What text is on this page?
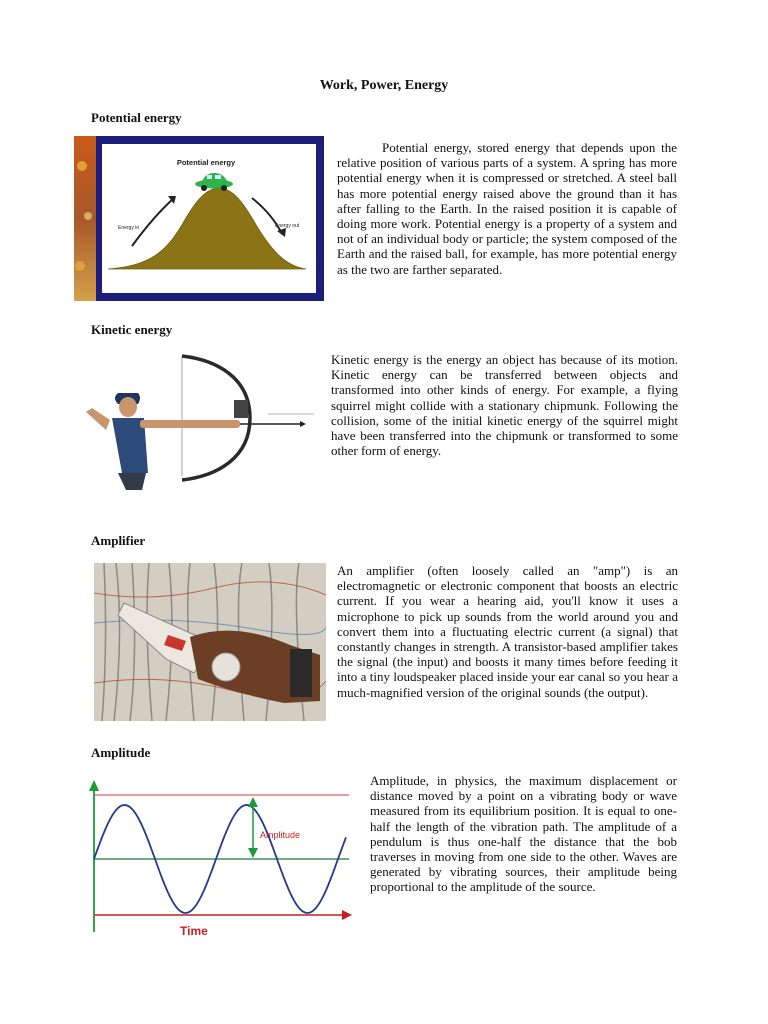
Work, Power, Energy
Potential energy
Potential energy
Energy in	Energy out

Potential energy, stored energy that depends upon the relative position of various parts of a system. A spring has more potential energy when it is compressed or stretched. A steel ball has more potential energy raised above the ground than it has after falling to the Earth. In the raised position it is capable of doing more work. Potential energy is a property of a system and not of an individual body or particle; the system composed of the Earth and the raised ball, for example, has more potential energy as the two are farther separated.

Kinetic energy

Kinetic energy is the energy an object has because of its motion. Kinetic energy can be transferred between objects and transformed into other kinds of energy. For example, a flying squirrel might collide with a stationary chipmunk. Following the collision, some of the initial kinetic energy of the squirrel might have been transferred into the chipmunk or transformed to some other form of energy.

Amplifier

An amplifier (often loosely called an "amp") is an electromagnetic or electronic component that boosts an electric current. If you wear a hearing aid, you'll know it uses a microphone to pick up sounds from the world around you and convert them into a fluctuating electric current (a signal) that constantly changes in strength. A transistor-based amplifier takes the signal (the input) and boosts it many times before feeding it into a tiny loudspeaker placed inside your ear canal so you hear a much-magnified version of the original sounds (the output).

Amplitude
Amplitude
Time

Amplitude, in physics, the maximum displacement or distance moved by a point on a vibrating body or wave measured from its equilibrium position. It is equal to one-half the length of the vibration path. The amplitude of a pendulum is thus one-half the distance that the bob traverses in moving from one side to the other. Waves are generated by vibrating sources, their amplitude being proportional to the amplitude of the source.
